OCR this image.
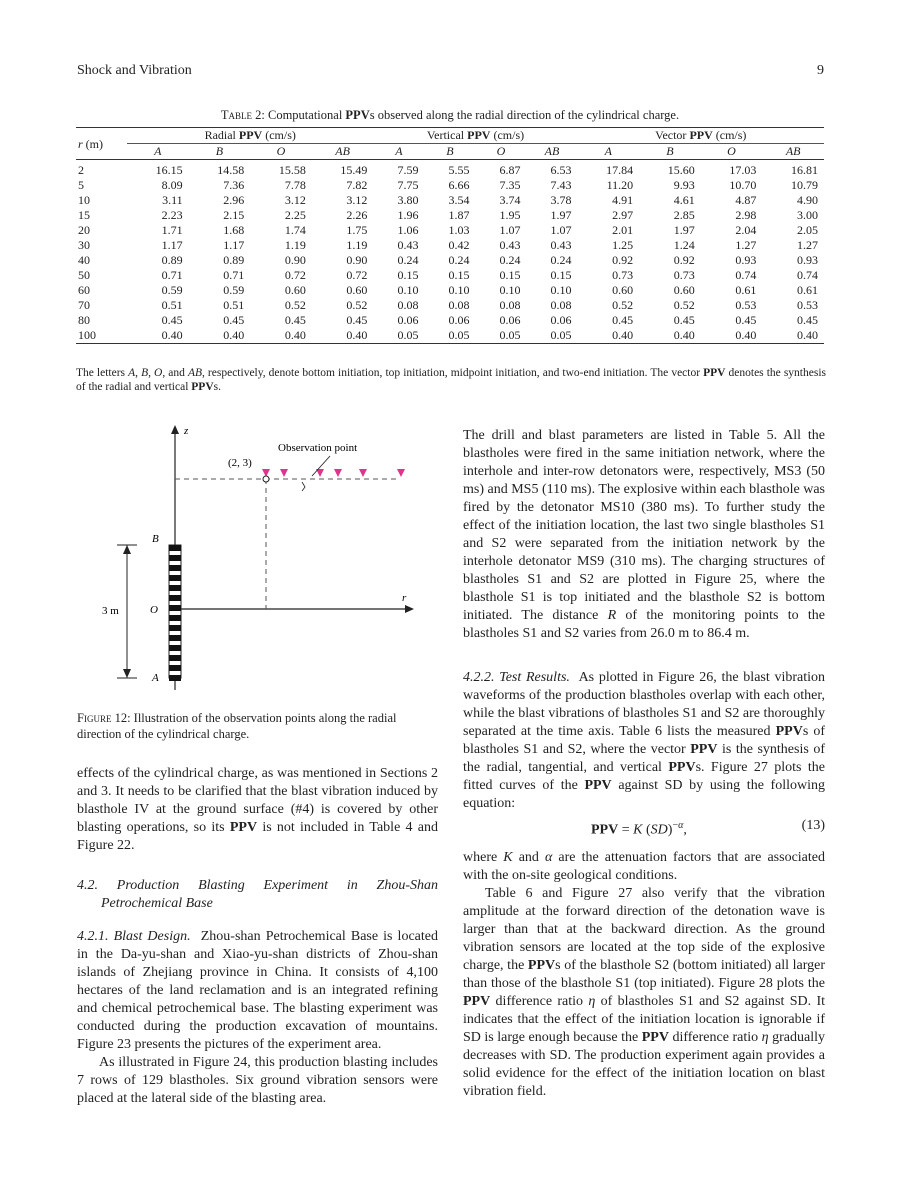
Shock and Vibration	9
Table 2: Computational PPVs observed along the radial direction of the cylindrical charge.
r (m)	Radial PPV (cm/s)				Vertical PPV (cm/s)				Vector PPV (cm/s)			
	A	B	O	AB	A	B	O	AB	A	B	O	AB
2	16.15	14.58	15.58	15.49	7.59	5.55	6.87	6.53	17.84	15.60	17.03	16.81
5	8.09	7.36	7.78	7.82	7.75	6.66	7.35	7.43	11.20	9.93	10.70	10.79
10	3.11	2.96	3.12	3.12	3.80	3.54	3.74	3.78	4.91	4.61	4.87	4.90
15	2.23	2.15	2.25	2.26	1.96	1.87	1.95	1.97	2.97	2.85	2.98	3.00
20	1.71	1.68	1.74	1.75	1.06	1.03	1.07	1.07	2.01	1.97	2.04	2.05
30	1.17	1.17	1.19	1.19	0.43	0.42	0.43	0.43	1.25	1.24	1.27	1.27
40	0.89	0.89	0.90	0.90	0.24	0.24	0.24	0.24	0.92	0.92	0.93	0.93
50	0.71	0.71	0.72	0.72	0.15	0.15	0.15	0.15	0.73	0.73	0.74	0.74
60	0.59	0.59	0.60	0.60	0.10	0.10	0.10	0.10	0.60	0.60	0.61	0.61
70	0.51	0.51	0.52	0.52	0.08	0.08	0.08	0.08	0.52	0.52	0.53	0.53
80	0.45	0.45	0.45	0.45	0.06	0.06	0.06	0.06	0.45	0.45	0.45	0.45
100	0.40	0.40	0.40	0.40	0.05	0.05	0.05	0.05	0.40	0.40	0.40	0.40
The letters A, B, O, and AB, respectively, denote bottom initiation, top initiation, midpoint initiation, and two-end initiation. The vector PPV denotes the synthesis of the radial and vertical PPVs.
z
r
(2, 3)
Observation point
B
O
A
3 m
Figure 12: Illustration of the observation points along the radial direction of the cylindrical charge.

effects of the cylindrical charge, as was mentioned in Sections 2 and 3. It needs to be clarified that the blast vibration induced by blasthole IV at the ground surface (#4) is covered by other blasting operations, so its PPV is not included in Table 4 and Figure 22.

4.2. Production Blasting Experiment in Zhou-Shan Petrochemical Base

4.2.1. Blast Design. Zhou-shan Petrochemical Base is located in the Da-yu-shan and Xiao-yu-shan districts of Zhou-shan islands of Zhejiang province in China. It consists of 4,100 hectares of the land reclamation and is an integrated refining and chemical petrochemical base. The blasting experiment was conducted during the production excavation of mountains. Figure 23 presents the pictures of the experiment area.

As illustrated in Figure 24, this production blasting includes 7 rows of 129 blastholes. Six ground vibration sensors were placed at the lateral side of the blasting area.

The drill and blast parameters are listed in Table 5. All the blastholes were fired in the same initiation network, where the interhole and inter-row detonators were, respectively, MS3 (50 ms) and MS5 (110 ms). The explosive within each blasthole was fired by the detonator MS10 (380 ms). To further study the effect of the initiation location, the last two single blastholes S1 and S2 were separated from the initiation network by the interhole detonator MS9 (310 ms). The charging structures of blastholes S1 and S2 are plotted in Figure 25, where the blasthole S1 is top initiated and the blasthole S2 is bottom initiated. The distance R of the monitoring points to the blastholes S1 and S2 varies from 26.0 m to 86.4 m.

4.2.2. Test Results.  As plotted in Figure 26, the blast vibration waveforms of the production blastholes overlap with each other, while the blast vibrations of blastholes S1 and S2 are thoroughly separated at the time axis. Table 6 lists the measured PPVs of blastholes S1 and S2, where the vector PPV is the synthesis of the radial, tangential, and vertical PPVs. Figure 27 plots the fitted curves of the PPV against SD by using the following equation:

PPV = K (SD)$^{-\alpha}$,	(13)

where K and α are the attenuation factors that are associated with the on-site geological conditions.

Table 6 and Figure 27 also verify that the vibration amplitude at the forward direction of the detonation wave is larger than that at the backward direction. As the ground vibration sensors are located at the top side of the explosive charge, the PPVs of the blasthole S2 (bottom initiated) all larger than those of the blasthole S1 (top initiated). Figure 28 plots the PPV difference ratio η of blastholes S1 and S2 against SD. It indicates that the effect of the initiation location is ignorable if SD is large enough because the PPV difference ratio η gradually decreases with SD. The production experiment again provides a solid evidence for the effect of the initiation location on blast vibration field.
